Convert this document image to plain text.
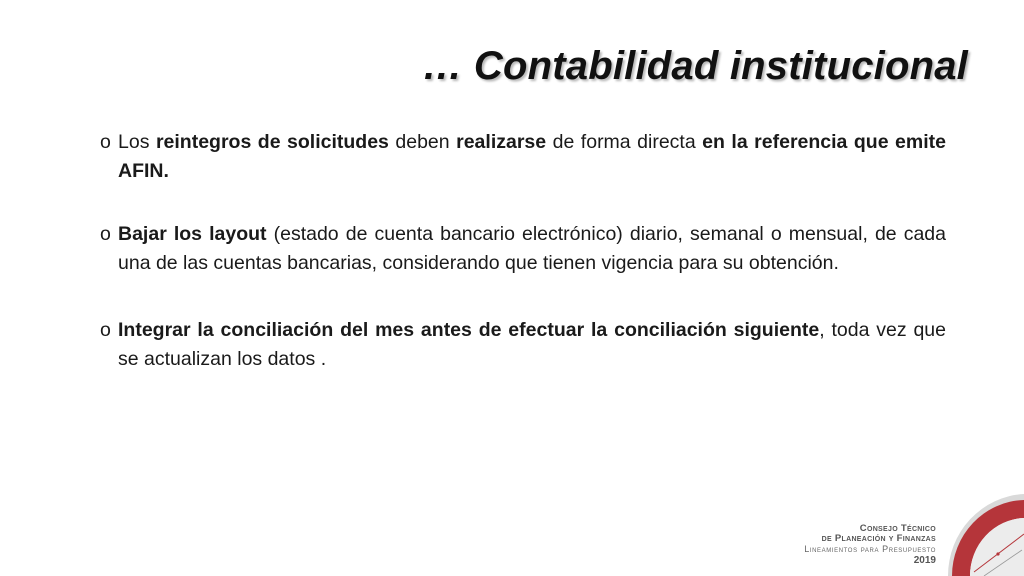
… Contabilidad institucional
o Los reintegros de solicitudes deben realizarse de forma directa en la referencia que emite AFIN.
o Bajar los layout (estado de cuenta bancario electrónico) diario, semanal o mensual, de cada una de las cuentas bancarias, considerando que tienen vigencia para su obtención.
o Integrar la conciliación del mes antes de efectuar la conciliación siguiente, toda vez que se actualizan los datos .
Consejo Técnico
de Planeación y Finanzas
Lineamientos para Presupuesto
2019
